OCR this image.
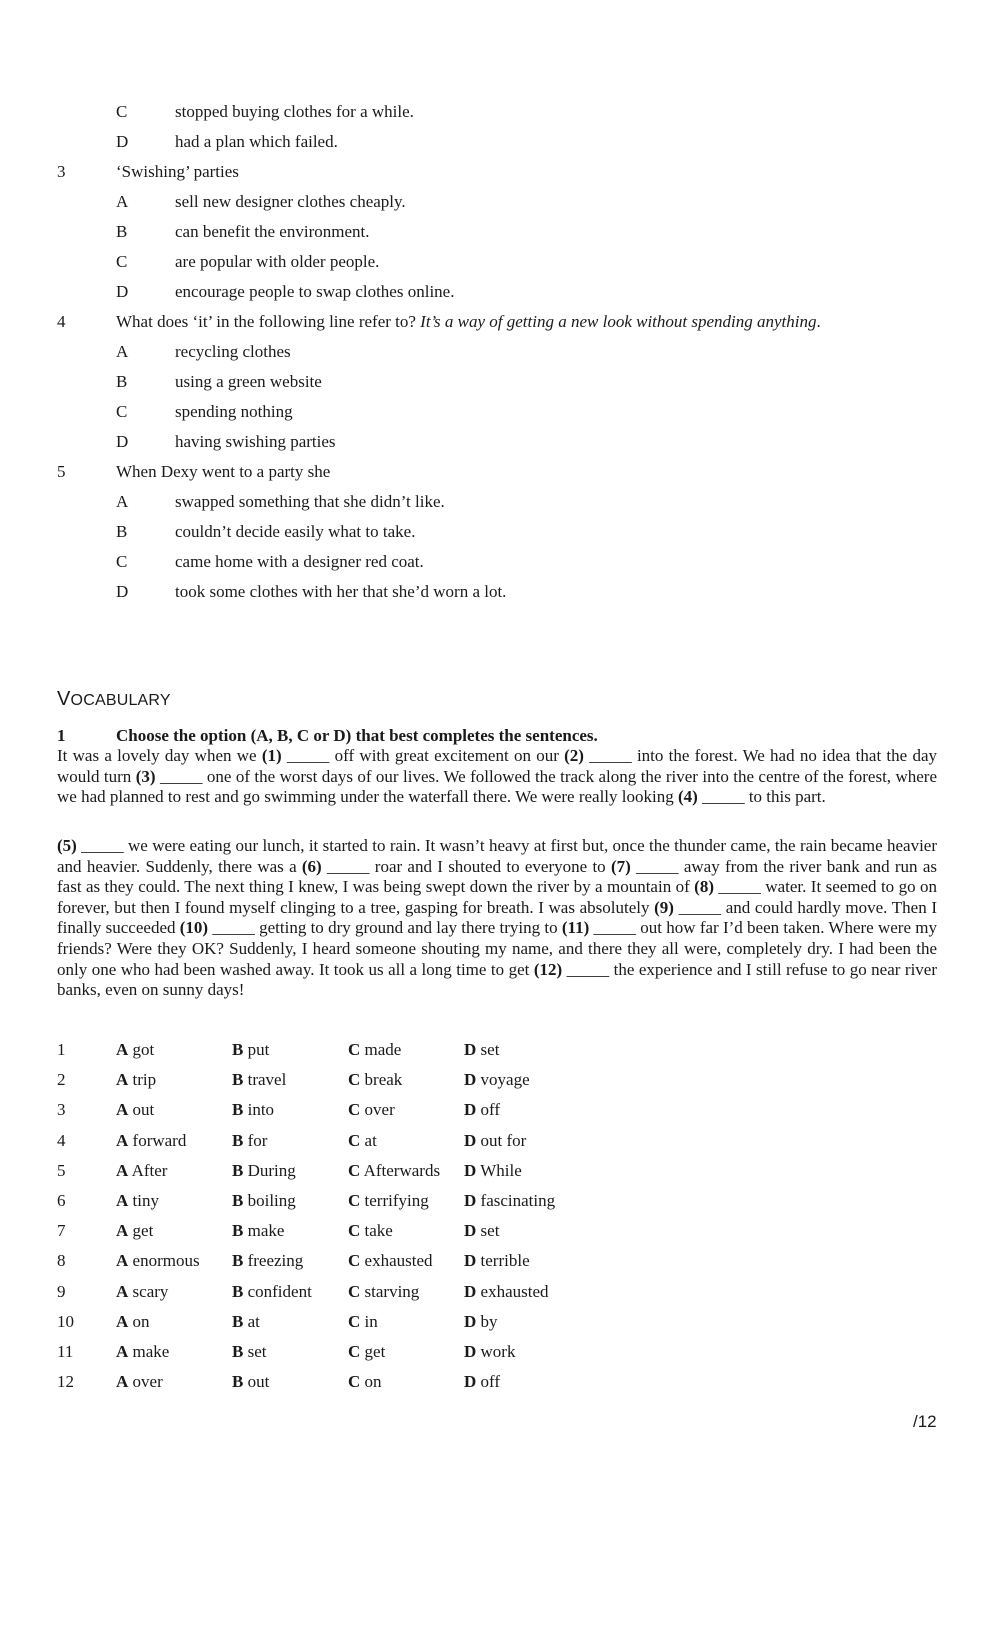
C	stopped buying clothes for a while.
D	had a plan which failed.
3	‘Swishing’ parties
A	sell new designer clothes cheaply.
B	can benefit the environment.
C	are popular with older people.
D	encourage people to swap clothes online.
4	What does ‘it’ in the following line refer to? It’s a way of getting a new look without spending anything.
A	recycling clothes
B	using a green website
C	spending nothing
D	having swishing parties
5	When Dexy went to a party she
A	swapped something that she didn’t like.
B	couldn’t decide easily what to take.
C	came home with a designer red coat.
D	took some clothes with her that she’d worn a lot.
VOCABULARY
1	Choose the option (A, B, C or D) that best completes the sentences.
It was a lovely day when we (1) _____ off with great excitement on our (2) _____ into the forest. We had no idea that the day would turn (3) _____ one of the worst days of our lives. We followed the track along the river into the centre of the forest, where we had planned to rest and go swimming under the waterfall there. We were really looking (4) _____ to this part.
(5) _____ we were eating our lunch, it started to rain. It wasn’t heavy at first but, once the thunder came, the rain became heavier and heavier. Suddenly, there was a (6) _____ roar and I shouted to everyone to (7) _____ away from the river bank and run as fast as they could. The next thing I knew, I was being swept down the river by a mountain of (8) _____ water. It seemed to go on forever, but then I found myself clinging to a tree, gasping for breath. I was absolutely (9) _____ and could hardly move. Then I finally succeeded (10) _____ getting to dry ground and lay there trying to (11) _____ out how far I’d been taken. Where were my friends? Were they OK? Suddenly, I heard someone shouting my name, and there they all were, completely dry. I had been the only one who had been washed away. It took us all a long time to get (12) _____ the experience and I still refuse to go near river banks, even on sunny days!
1	A got	B put	C made	D set
2	A trip	B travel	C break	D voyage
3	A out	B into	C over	D off
4	A forward	B for	C at	D out for
5	A After	B During	C Afterwards D While
6	A tiny	B boiling	C terrifying D fascinating
7	A get	B make	C take	D set
8	A enormous B freezing	C exhausted D terrible
9	A scary	B confident C starving	D exhausted
10 A on	B at	C in	D by
11	A make	B set	C get	D work
12 A over	B out	C on	D off
/12
